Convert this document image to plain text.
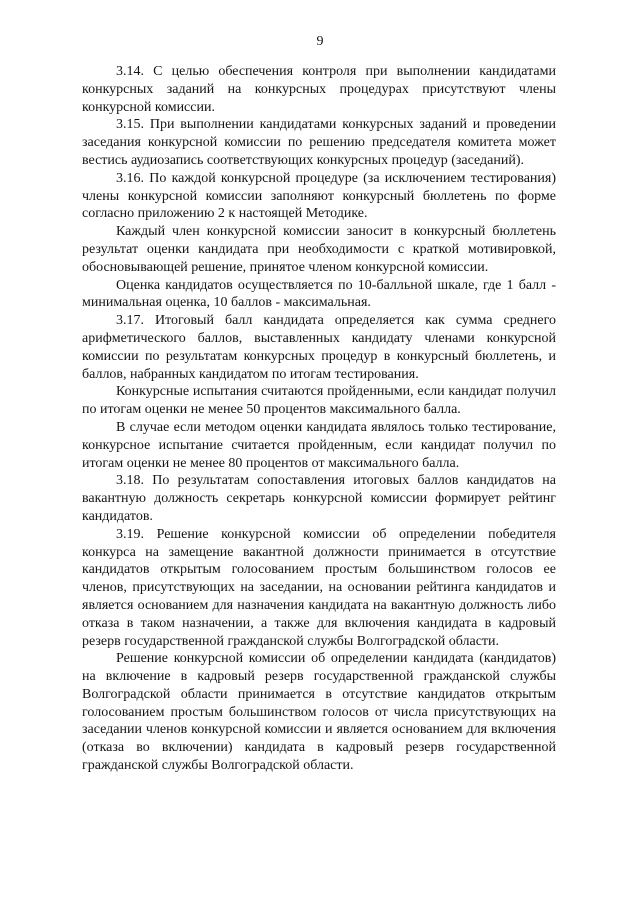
9

3.14. С целью обеспечения контроля при выполнении кандидатами конкурсных заданий на конкурсных процедурах присутствуют члены конкурсной комиссии.

3.15. При выполнении кандидатами конкурсных заданий и проведении заседания конкурсной комиссии по решению председателя комитета может вестись аудиозапись соответствующих конкурсных процедур (заседаний).

3.16. По каждой конкурсной процедуре (за исключением тестирования) члены конкурсной комиссии заполняют конкурсный бюллетень по форме согласно приложению 2 к настоящей Методике.

Каждый член конкурсной комиссии заносит в конкурсный бюллетень результат оценки кандидата при необходимости с краткой мотивировкой, обосновывающей решение, принятое членом конкурсной комиссии.

Оценка кандидатов осуществляется по 10-балльной шкале, где 1 балл - минимальная оценка, 10 баллов - максимальная.

3.17. Итоговый балл кандидата определяется как сумма среднего арифметического баллов, выставленных кандидату членами конкурсной комиссии по результатам конкурсных процедур в конкурсный бюллетень, и баллов, набранных кандидатом по итогам тестирования.

Конкурсные испытания считаются пройденными, если кандидат получил по итогам оценки не менее 50 процентов максимального балла.

В случае если методом оценки кандидата являлось только тестирование, конкурсное испытание считается пройденным, если кандидат получил по итогам оценки не менее 80 процентов от максимального балла.

3.18. По результатам сопоставления итоговых баллов кандидатов на вакантную должность секретарь конкурсной комиссии формирует рейтинг кандидатов.

3.19. Решение конкурсной комиссии об определении победителя конкурса на замещение вакантной должности принимается в отсутствие кандидатов открытым голосованием простым большинством голосов ее членов, присутствующих на заседании, на основании рейтинга кандидатов и является основанием для назначения кандидата на вакантную должность либо отказа в таком назначении, а также для включения кандидата в кадровый резерв государственной гражданской службы Волгоградской области.

Решение конкурсной комиссии об определении кандидата (кандидатов) на включение в кадровый резерв государственной гражданской службы Волгоградской области принимается в отсутствие кандидатов открытым голосованием простым большинством голосов от числа присутствующих на заседании членов конкурсной комиссии и является основанием для включения (отказа во включении) кандидата в кадровый резерв государственной гражданской службы Волгоградской области.
